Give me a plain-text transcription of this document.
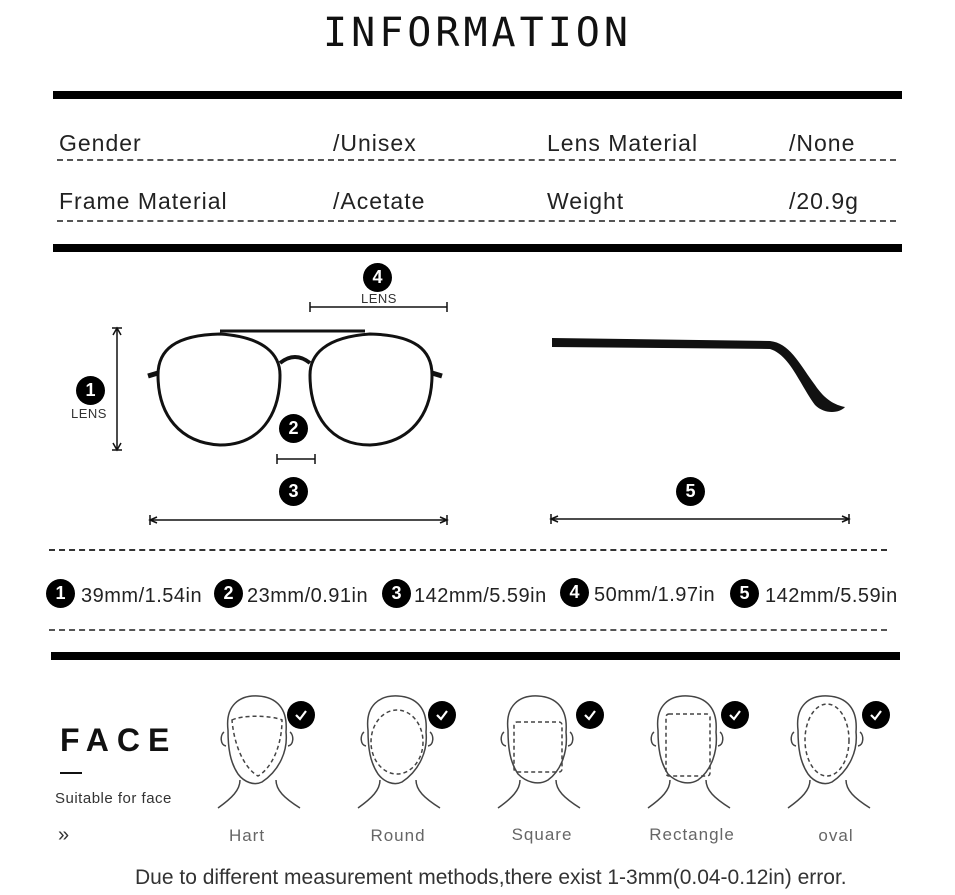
INFORMATION
Gender	/Unisex	Lens Material	/None
Frame Material	/Acetate	Weight	/20.9g
4
LENS
1
LENS
2
3	5
1 39mm/1.54in	2 23mm/0.91in	3 142mm/5.59in	4 50mm/1.97in	5 142mm/5.59in
FACE
Suitable for face
»	Hart	Round	Square	Rectangle	oval
Due to different measurement methods,there exist 1-3mm(0.04-0.12in) error.
